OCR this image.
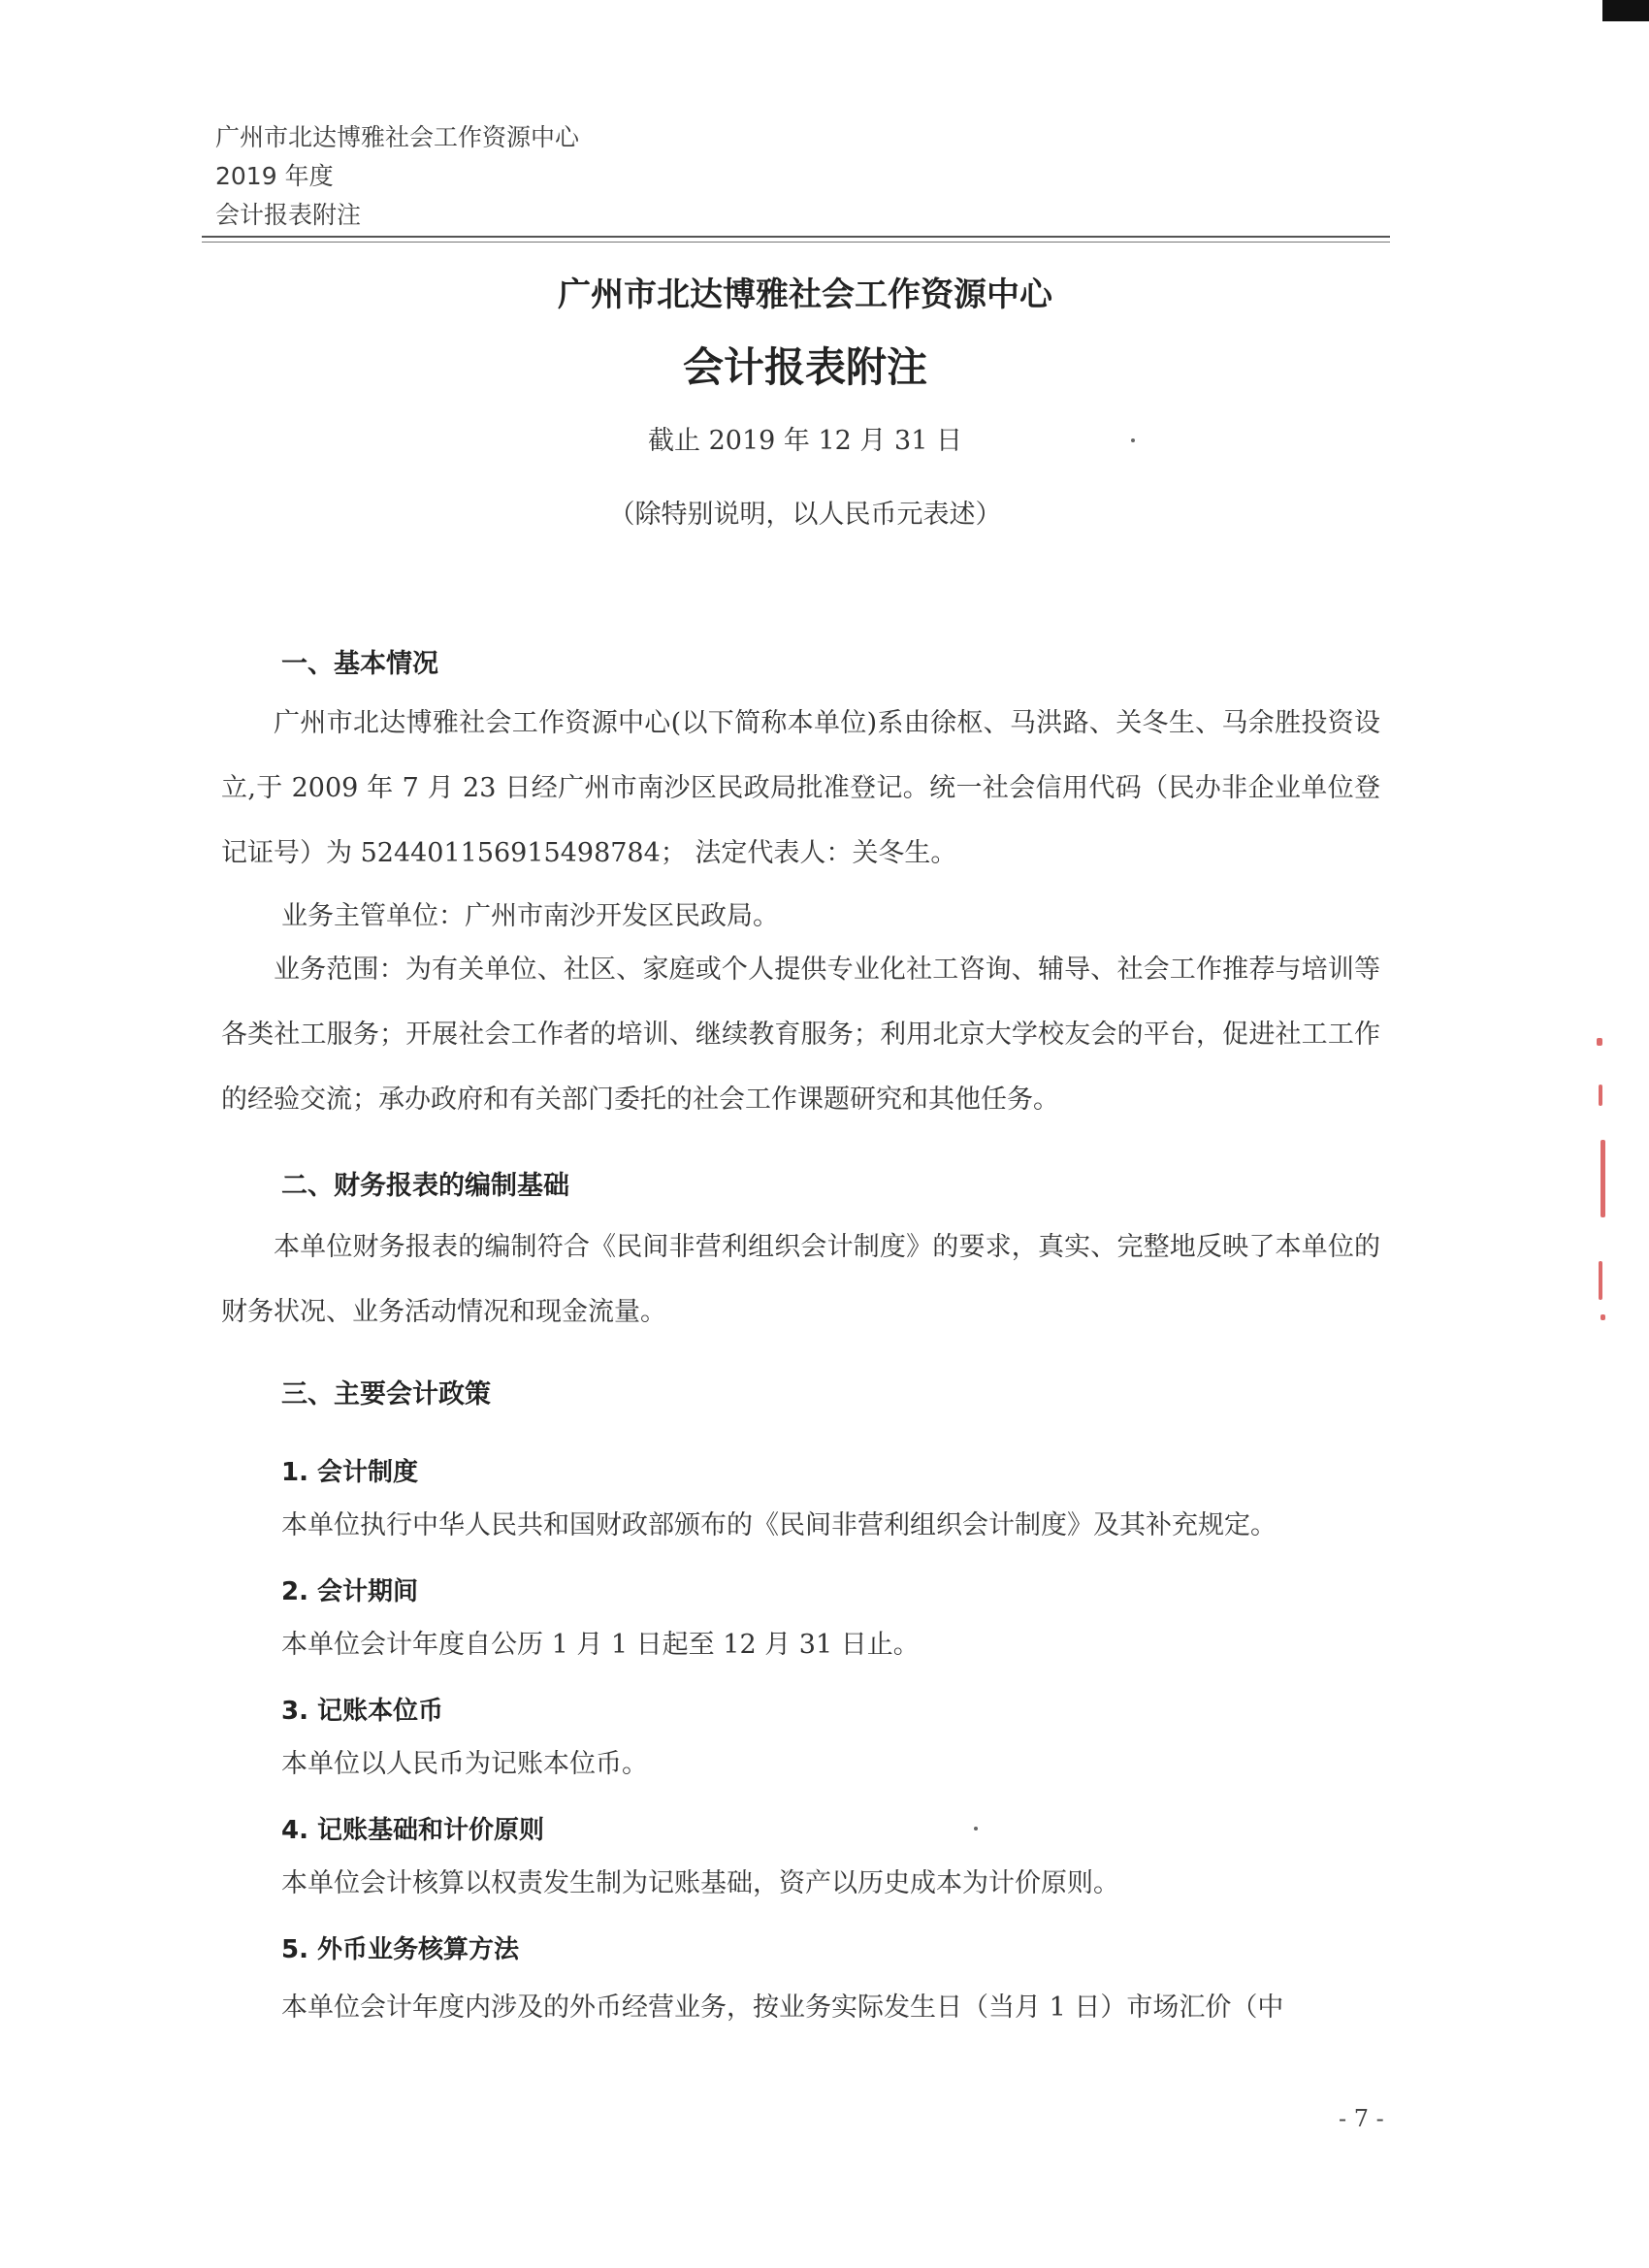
广州市北达博雅社会工作资源中心
2019 年度
会计报表附注
广州市北达博雅社会工作资源中心
会计报表附注
截止 2019 年 12 月 31 日
（除特别说明，以人民币元表述）
一、基本情况
广州市北达博雅社会工作资源中心(以下简称本单位)系由徐枢、马洪路、关冬生、马余胜投资设立,于 2009 年 7 月 23 日经广州市南沙区民政局批准登记。统一社会信用代码（民办非企业单位登记证号）为 524401156915498784； 法定代表人：关冬生。
业务主管单位：广州市南沙开发区民政局。
业务范围：为有关单位、社区、家庭或个人提供专业化社工咨询、辅导、社会工作推荐与培训等各类社工服务；开展社会工作者的培训、继续教育服务；利用北京大学校友会的平台，促进社工工作的经验交流；承办政府和有关部门委托的社会工作课题研究和其他任务。
二、财务报表的编制基础
本单位财务报表的编制符合《民间非营利组织会计制度》的要求，真实、完整地反映了本单位的财务状况、业务活动情况和现金流量。
三、主要会计政策
1. 会计制度
本单位执行中华人民共和国财政部颁布的《民间非营利组织会计制度》及其补充规定。
2. 会计期间
本单位会计年度自公历 1 月 1 日起至 12 月 31 日止。
3. 记账本位币
本单位以人民币为记账本位币。
4. 记账基础和计价原则
本单位会计核算以权责发生制为记账基础，资产以历史成本为计价原则。
5. 外币业务核算方法
本单位会计年度内涉及的外币经营业务，按业务实际发生日（当月 1 日）市场汇价（中
- 7 -
